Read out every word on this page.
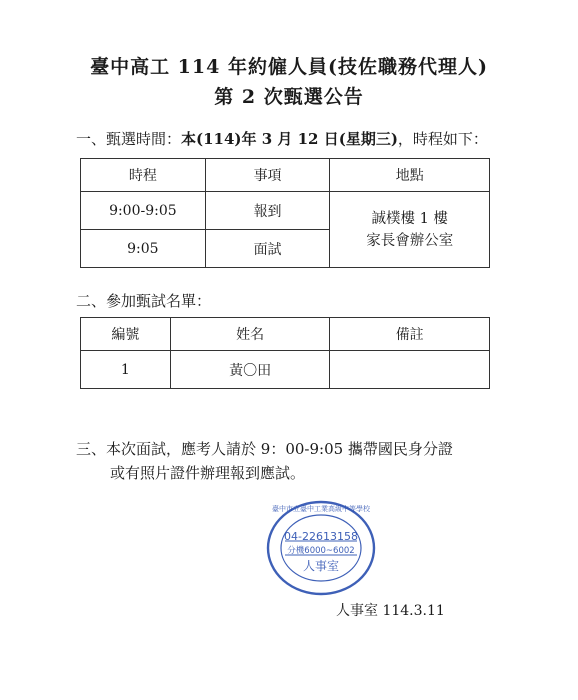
臺中高工 114 年約僱人員(技佐職務代理人)
第 2 次甄選公告
一、甄選時間：本(114)年 3 月 12 日(星期三)，時程如下：
時程	事項	地點
9:00-9:05	報到	誠樸樓 1 樓
家長會辦公室

9:05	面試	
二、參加甄試名單：
編號	姓名	備註
1	黃〇田	
三、本次面試，應考人請於 9：00-9:05 攜帶國民身分證
或有照片證件辦理報到應試。
臺中市立臺中工業高級中等學校
04-22613158
分機6000~6002
人事室
人事室 114.3.11
